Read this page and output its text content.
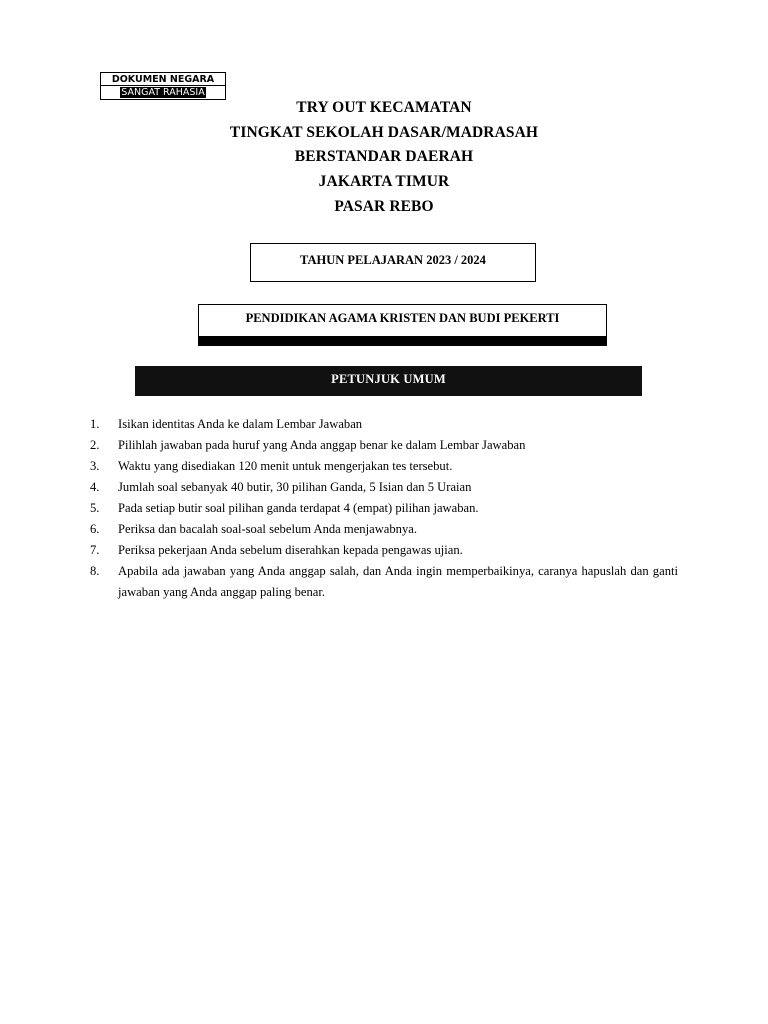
DOKUMEN NEGARA
SANGAT RAHASIA
TRY OUT KECAMATAN
TINGKAT SEKOLAH DASAR/MADRASAH
BERSTANDAR DAERAH
JAKARTA TIMUR
PASAR REBO
TAHUN PELAJARAN 2023 / 2024
PENDIDIKAN AGAMA KRISTEN DAN BUDI PEKERTI
PETUNJUK UMUM
1. Isikan identitas Anda ke dalam Lembar Jawaban
2. Pilihlah jawaban pada huruf yang Anda anggap benar ke dalam Lembar Jawaban
3. Waktu yang disediakan 120 menit untuk mengerjakan tes tersebut.
4. Jumlah soal sebanyak 40 butir, 30 pilihan Ganda, 5 Isian dan 5 Uraian
5. Pada setiap butir soal pilihan ganda terdapat 4 (empat) pilihan jawaban.
6. Periksa dan bacalah soal-soal sebelum Anda menjawabnya.
7. Periksa pekerjaan Anda sebelum diserahkan kepada pengawas ujian.
8. Apabila ada jawaban yang Anda anggap salah, dan Anda ingin memperbaikinya, caranya hapuslah dan ganti jawaban yang Anda anggap paling benar.
